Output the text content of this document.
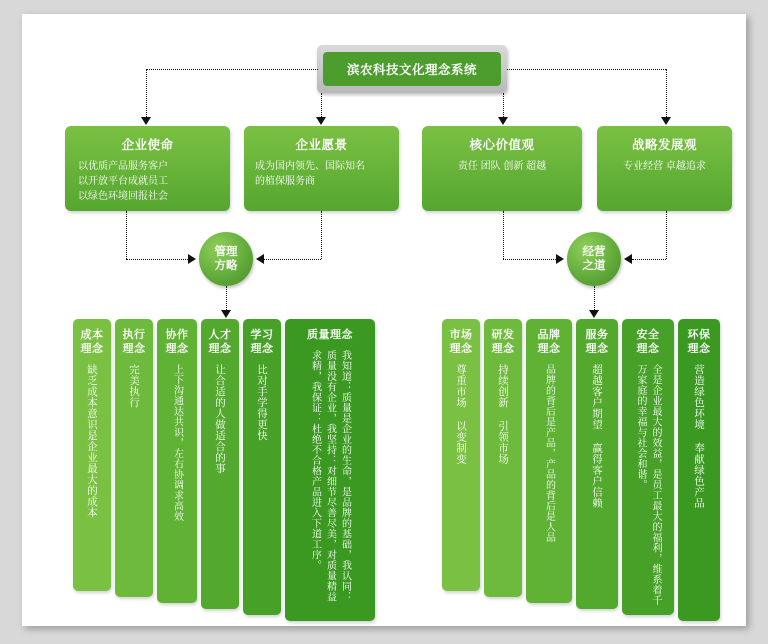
滨农科技文化理念系统
企业使命
以优质产品服务客户
以开放平台成就员工
以绿色环境回报社会
企业愿景
成为国内领先、国际知名
的植保服务商
核心价值观
责任 团队 创新 超越
战略发展观
专业经营 卓越追求
管理
方略
经营
之道
成本
理念
缺乏成本意识是企业最大的成本
执行
理念
完美执行
协作
理念
上下沟通达共识，左右协调求高效
人才
理念
让合适的人做适合的事
学习
理念
比对手学得更快
质量理念
我知道：质量是企业的生命，是品牌的基础，我认同：质量没有企业，我坚持：对细节尽善尽美，对质量精益求精，我保证：杜绝不合格产品进入下道工序。
市场
理念
尊重市场 以变制变
研发
理念
持续创新 引领市场
品牌
理念
品牌的背后是产品，产品的背后是人品
服务
理念
超越客户期望 赢得客户信赖
安全
理念
全是企业最大的效益，是员工最大的福利，维系着千万家庭的幸福与社会和谐。
环保
理念
营造绿色环境 奉献绿色产品
